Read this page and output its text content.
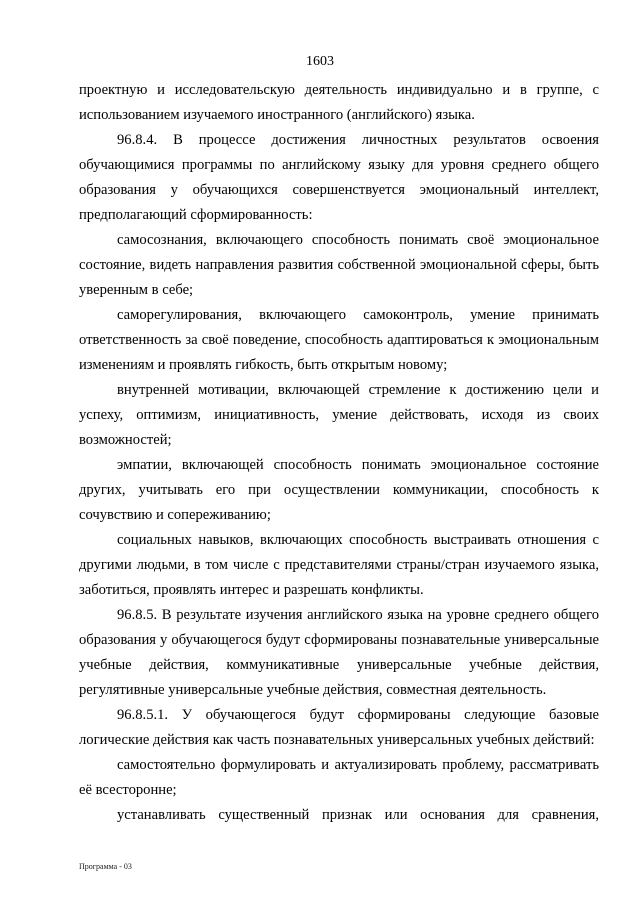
1603

проектную и исследовательскую деятельность индивидуально и в группе, с использованием изучаемого иностранного (английского) языка.

96.8.4. В процессе достижения личностных результатов освоения обучающимися программы по английскому языку для уровня среднего общего образования у обучающихся совершенствуется эмоциональный интеллект, предполагающий сформированность:

самосознания, включающего способность понимать своё эмоциональное состояние, видеть направления развития собственной эмоциональной сферы, быть уверенным в себе;

саморегулирования, включающего самоконтроль, умение принимать ответственность за своё поведение, способность адаптироваться к эмоциональным изменениям и проявлять гибкость, быть открытым новому;

внутренней мотивации, включающей стремление к достижению цели и успеху, оптимизм, инициативность, умение действовать, исходя из своих возможностей;

эмпатии, включающей способность понимать эмоциональное состояние других, учитывать его при осуществлении коммуникации, способность к сочувствию и сопереживанию;

социальных навыков, включающих способность выстраивать отношения с другими людьми, в том числе с представителями страны/стран изучаемого языка, заботиться, проявлять интерес и разрешать конфликты.

96.8.5. В результате изучения английского языка на уровне среднего общего образования у обучающегося будут сформированы познавательные универсальные учебные действия, коммуникативные универсальные учебные действия, регулятивные универсальные учебные действия, совместная деятельность.

96.8.5.1. У обучающегося будут сформированы следующие базовые логические действия как часть познавательных универсальных учебных действий:

самостоятельно формулировать и актуализировать проблему, рассматривать её всесторонне;

устанавливать существенный признак или основания для сравнения,

Программа - 03
